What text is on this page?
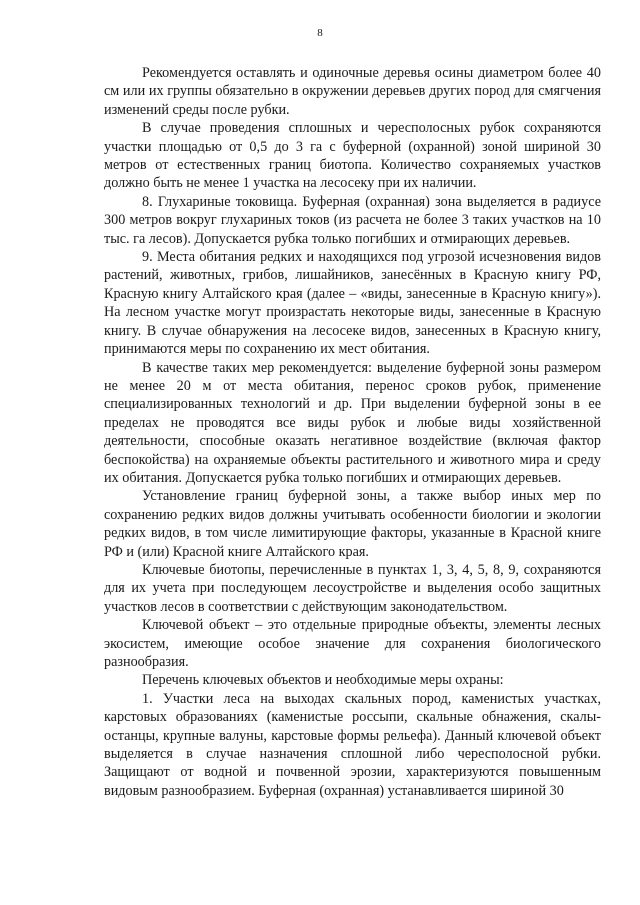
8

Рекомендуется оставлять и одиночные деревья осины диаметром более 40 см или их группы обязательно в окружении деревьев других пород для смягчения изменений среды после рубки.

В случае проведения сплошных и чересполосных рубок сохраняются участки площадью от 0,5 до 3 га с буферной (охранной) зоной шириной 30 метров от естественных границ биотопа. Количество сохраняемых участков должно быть не менее 1 участка на лесосеку при их наличии.

8. Глухариные токовища. Буферная (охранная) зона выделяется в радиусе 300 метров вокруг глухариных токов (из расчета не более 3 таких участков на 10 тыс. га лесов). Допускается рубка только погибших и отмирающих деревьев.

9. Места обитания редких и находящихся под угрозой исчезновения видов растений, животных, грибов, лишайников, занесённых в Красную книгу РФ, Красную книгу Алтайского края (далее – «виды, занесенные в Красную книгу»). На лесном участке могут произрастать некоторые виды, занесенные в Красную книгу. В случае обнаружения на лесосеке видов, занесенных в Красную книгу, принимаются меры по сохранению их мест обитания.

В качестве таких мер рекомендуется: выделение буферной зоны размером не менее 20 м от места обитания, перенос сроков рубок, применение специализированных технологий и др. При выделении буферной зоны в ее пределах не проводятся все виды рубок и любые виды хозяйственной деятельности, способные оказать негативное воздействие (включая фактор беспокойства) на охраняемые объекты растительного и животного мира и среду их обитания. Допускается рубка только погибших и отмирающих деревьев.

Установление границ буферной зоны, а также выбор иных мер по сохранению редких видов должны учитывать особенности биологии и экологии редких видов, в том числе лимитирующие факторы, указанные в Красной книге РФ и (или) Красной книге Алтайского края.

Ключевые биотопы, перечисленные в пунктах 1, 3, 4, 5, 8, 9, сохраняются для их учета при последующем лесоустройстве и выделения особо защитных участков лесов в соответствии с действующим законодательством.

Ключевой объект – это отдельные природные объекты, элементы лесных экосистем, имеющие особое значение для сохранения биологического разнообразия.

Перечень ключевых объектов и необходимые меры охраны:

1. Участки леса на выходах скальных пород, каменистых участках, карстовых образованиях (каменистые россыпи, скальные обнажения, скалы-останцы, крупные валуны, карстовые формы рельефа). Данный ключевой объект выделяется в случае назначения сплошной либо чересполосной рубки. Защищают от водной и почвенной эрозии, характеризуются повышенным видовым разнообразием. Буферная (охранная) устанавливается шириной 30
